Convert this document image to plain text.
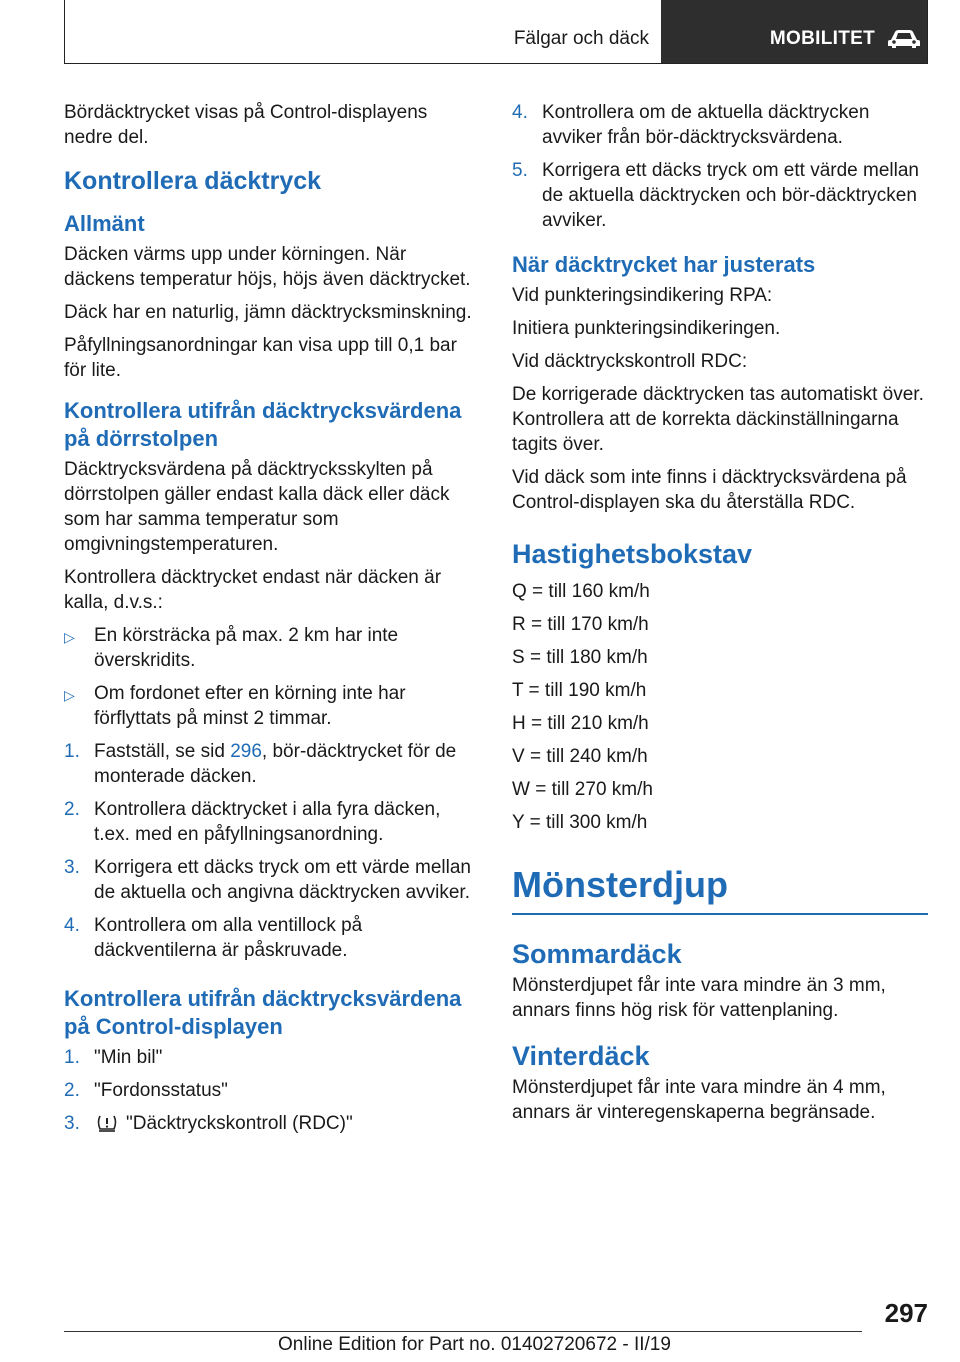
Fälgar och däck	MOBILITET

Bördäcktrycket visas på Control-displayens nedre del.

Kontrollera däcktryck
Allmänt

Däcken värms upp under körningen. När däckens temperatur höjs, höjs även däcktrycket.

Däck har en naturlig, jämn däcktrycksminskning.

Påfyllningsanordningar kan visa upp till 0,1 bar för lite.

Kontrollera utifrån däcktrycksvärdena på dörrstolpen

Däcktrycksvärdena på däcktrycksskylten på dörrstolpen gäller endast kalla däck eller däck som har samma temperatur som omgivningstemperaturen.

Kontrollera däcktrycket endast när däcken är kalla, d.v.s.:

▷	En körsträcka på max. 2 km har inte överskridits.
▷	Om fordonet efter en körning inte har förflyttats på minst 2 timmar.
1. Fastställ, se sid 296, bör-däcktrycket för de monterade däcken.
2. Kontrollera däcktrycket i alla fyra däcken, t.ex. med en påfyllningsanordning.
3. Korrigera ett däcks tryck om ett värde mellan de aktuella och angivna däcktrycken avviker.
4. Kontrollera om alla ventillock på däckventilerna är påskruvade.
Kontrollera utifrån däcktrycksvärdena på Control-displayen
1. "Min bil"
2. "Fordonsstatus"
3.	"Däcktryckskontroll (RDC)"
4. Kontrollera om de aktuella däcktrycken avviker från bör-däcktrycksvärdena.
5. Korrigera ett däcks tryck om ett värde mellan de aktuella däcktrycken och bör-däcktrycken avviker.
När däcktrycket har justerats

Vid punkteringsindikering RPA:

Initiera punkteringsindikeringen.

Vid däcktryckskontroll RDC:

De korrigerade däcktrycken tas automatiskt över. Kontrollera att de korrekta däckinställningarna tagits över.

Vid däck som inte finns i däcktrycksvärdena på Control-displayen ska du återställa RDC.

Hastighetsbokstav

Q = till 160 km/h

R = till 170 km/h

S = till 180 km/h

T = till 190 km/h

H = till 210 km/h

V = till 240 km/h

W = till 270 km/h

Y = till 300 km/h

Mönsterdjup
Sommardäck

Mönsterdjupet får inte vara mindre än 3 mm, annars finns hög risk för vattenplaning.

Vinterdäck

Mönsterdjupet får inte vara mindre än 4 mm, annars är vinteregenskaperna begränsade.

297
Online Edition for Part no. 01402720672 - II/19
